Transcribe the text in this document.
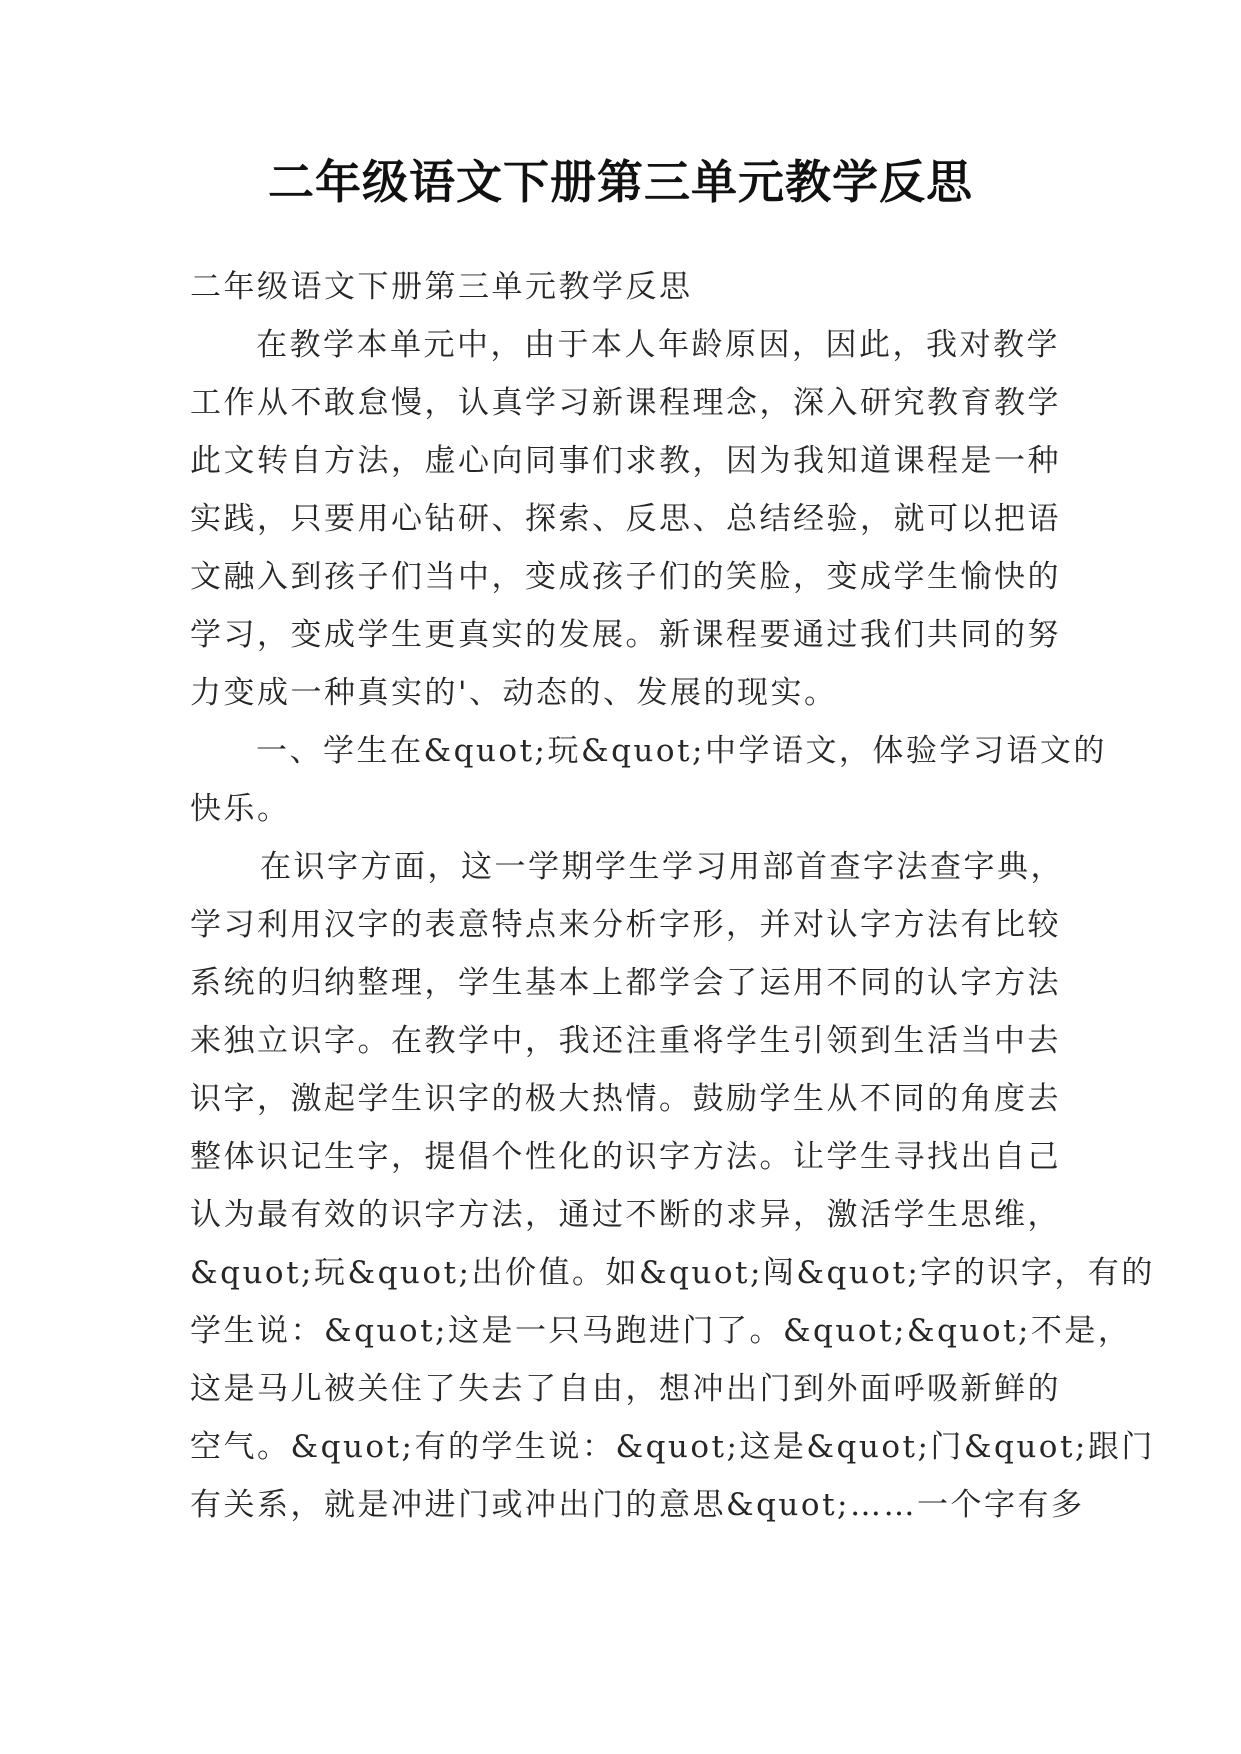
二年级语文下册第三单元教学反思
二年级语文下册第三单元教学反思
在教学本单元中，由于本人年龄原因，因此，我对教学
工作从不敢怠慢，认真学习新课程理念，深入研究教育教学
此文转自方法，虚心向同事们求教，因为我知道课程是一种
实践，只要用心钻研、探索、反思、总结经验，就可以把语
文融入到孩子们当中，变成孩子们的笑脸，变成学生愉快的
学习，变成学生更真实的发展。新课程要通过我们共同的努
力变成一种真实的'、动态的、发展的现实。
一、学生在&quot;玩&quot;中学语文，体验学习语文的
快乐。
在识字方面，这一学期学生学习用部首查字法查字典，
学习利用汉字的表意特点来分析字形，并对认字方法有比较
系统的归纳整理，学生基本上都学会了运用不同的认字方法
来独立识字。在教学中，我还注重将学生引领到生活当中去
识字，激起学生识字的极大热情。鼓励学生从不同的角度去
整体识记生字，提倡个性化的识字方法。让学生寻找出自己
认为最有效的识字方法，通过不断的求异，激活学生思维，
&quot;玩&quot;出价值。如&quot;闯&quot;字的识字，有的
学生说：&quot;这是一只马跑进门了。&quot;&quot;不是，
这是马儿被关住了失去了自由，想冲出门到外面呼吸新鲜的
空气。&quot;有的学生说：&quot;这是&quot;门&quot;跟门
有关系，就是冲进门或冲出门的意思&quot;……一个字有多
